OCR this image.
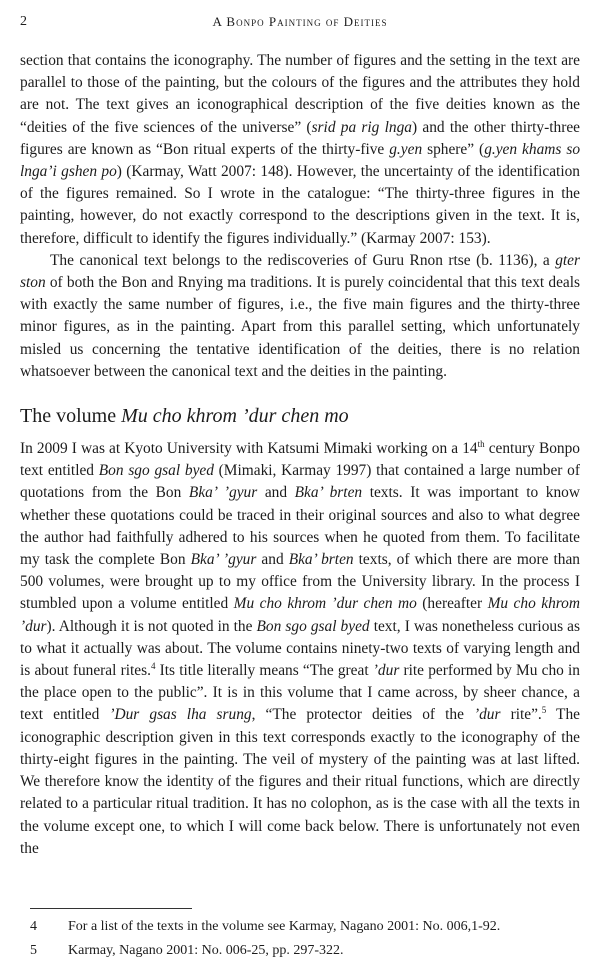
2	A Bonpo Painting of Deities

section that contains the iconography. The number of figures and the setting in the text are parallel to those of the painting, but the colours of the figures and the attributes they hold are not. The text gives an iconographical description of the five deities known as the “deities of the five sciences of the universe” (srid pa rig lnga) and the other thirty-three figures are known as “Bon ritual experts of the thirty-five g.yen sphere” (g.yen khams so lnga’i gshen po) (Karmay, Watt 2007: 148). However, the uncertainty of the identification of the figures remained. So I wrote in the catalogue: “The thirty-three figures in the painting, however, do not exactly correspond to the descriptions given in the text. It is, therefore, difficult to identify the figures individually.” (Karmay 2007: 153).

The canonical text belongs to the rediscoveries of Guru Rnon rtse (b. 1136), a gter ston of both the Bon and Rnying ma traditions. It is purely coincidental that this text deals with exactly the same number of figures, i.e., the five main figures and the thirty-three minor figures, as in the painting. Apart from this parallel setting, which unfortunately misled us concerning the tentative identification of the deities, there is no relation whatsoever between the canonical text and the deities in the painting.

The volume Mu cho khrom ’dur chen mo

In 2009 I was at Kyoto University with Katsumi Mimaki working on a 14th century Bonpo text entitled Bon sgo gsal byed (Mimaki, Karmay 1997) that contained a large number of quotations from the Bon Bka’ ’gyur and Bka’ brten texts. It was important to know whether these quotations could be traced in their original sources and also to what degree the author had faithfully adhered to his sources when he quoted from them. To facilitate my task the complete Bon Bka’ ’gyur and Bka’ brten texts, of which there are more than 500 volumes, were brought up to my office from the University library. In the process I stumbled upon a volume entitled Mu cho khrom ’dur chen mo (hereafter Mu cho khrom ’dur). Although it is not quoted in the Bon sgo gsal byed text, I was nonetheless curious as to what it actually was about. The volume contains ninety-two texts of varying length and is about funeral rites.$^4$ Its title literally means “The great ’dur rite performed by Mu cho in the place open to the public”. It is in this volume that I came across, by sheer chance, a text entitled ’Dur gsas lha srung, “The protector deities of the ’dur rite”.$^5$ The iconographic description given in this text corresponds exactly to the iconography of the thirty-eight figures in the painting. The veil of mystery of the painting was at last lifted. We therefore know the identity of the figures and their ritual functions, which are directly related to a particular ritual tradition. It has no colophon, as is the case with all the texts in the volume except one, to which I will come back below. There is unfortunately not even the

4 For a list of the texts in the volume see Karmay, Nagano 2001: No. 006,1-92.
5 Karmay, Nagano 2001: No. 006-25, pp. 297-322.
